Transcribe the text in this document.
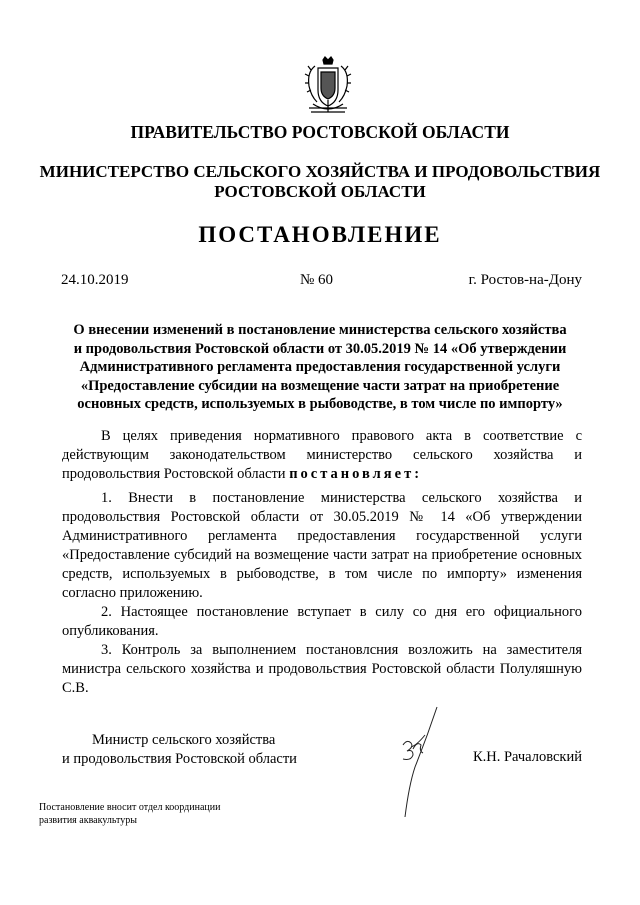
ПРАВИТЕЛЬСТВО РОСТОВСКОЙ ОБЛАСТИ
МИНИСТЕРСТВО СЕЛЬСКОГО ХОЗЯЙСТВА И ПРОДОВОЛЬСТВИЯ
РОСТОВСКОЙ ОБЛАСТИ
ПОСТАНОВЛЕНИЕ
24.10.2019	№ 60	г. Ростов-на-Дону
О внесении изменений в постановление министерства сельского хозяйства
и продовольствия Ростовской области от 30.05.2019 № 14 «Об утверждении
Административного регламента предоставления государственной услуги
«Предоставление субсидии на возмещение части затрат на приобретение
основных средств, используемых в рыбоводстве, в том числе по импорту»

В целях приведения нормативного правового акта в соответствие с действующим законодательством министерство сельского хозяйства и продовольствия Ростовской области постановляет:

1. Внести в постановление министерства сельского хозяйства и продовольствия Ростовской области от 30.05.2019 № 14 «Об утверждении Административного регламента предоставления государственной услуги «Предоставление субсидий на возмещение части затрат на приобретение основных средств, используемых в рыбоводстве, в том числе по импорту» изменения согласно приложению.

2. Настоящее постановление вступает в силу со дня его официального опубликования.

3. Контроль за выполнением постановлсния возложить на заместителя министра сельского хозяйства и продовольствия Ростовской области Полуляшную С.В.

Министр сельского хозяйства
и продовольствия Ростовской области	К.Н. Рачаловский
Постановление вносит отдел координации
развития аквакультуры
